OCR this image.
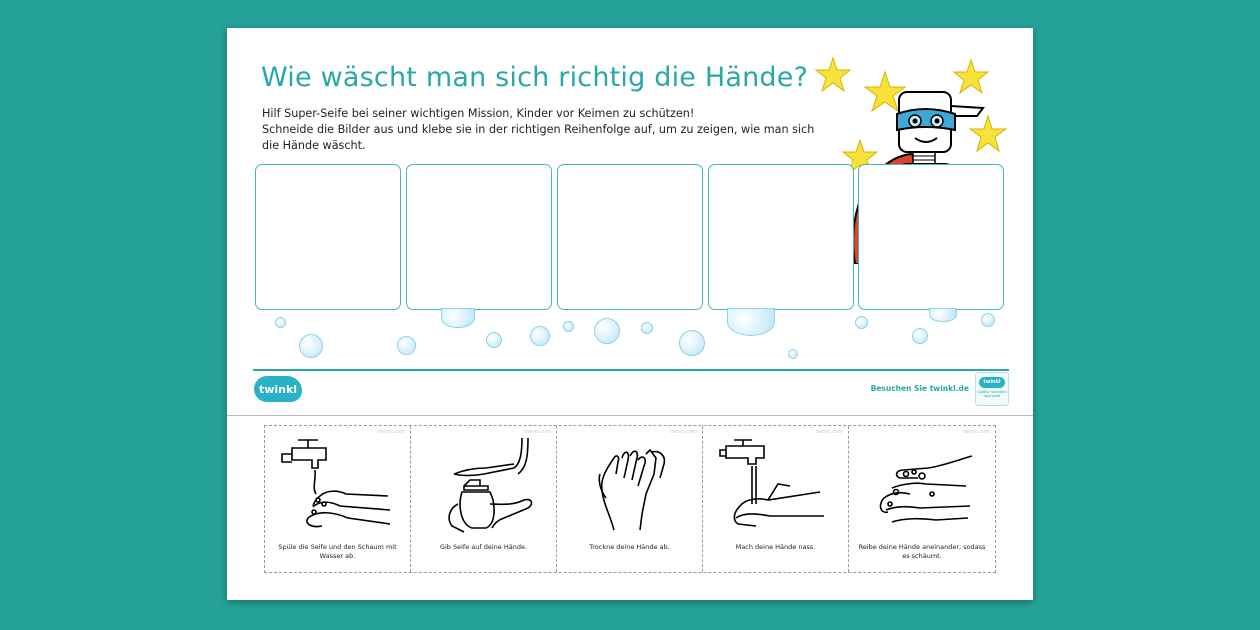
Wie wäscht man sich richtig die Hände?

Hilf Super-Seife bei seiner wichtigen Mission, Kinder vor Keimen zu schützen!

Schneide die Bilder aus und klebe sie in der richtigen Reihenfolge auf, um zu zeigen, wie man sich die Hände wäscht.

twinkl	Besuchen Sie twinkl.de
twinkl
Quality Standard Approved
twinkl.com
Spüle die Seife und den Schaum mit Wasser ab.
twinkl.com
Gib Seife auf deine Hände.
twinkl.com
Trockne deine Hände ab.
twinkl.com
Mach deine Hände nass.
twinkl.com
Reibe deine Hände aneinander, sodass es schäumt.
